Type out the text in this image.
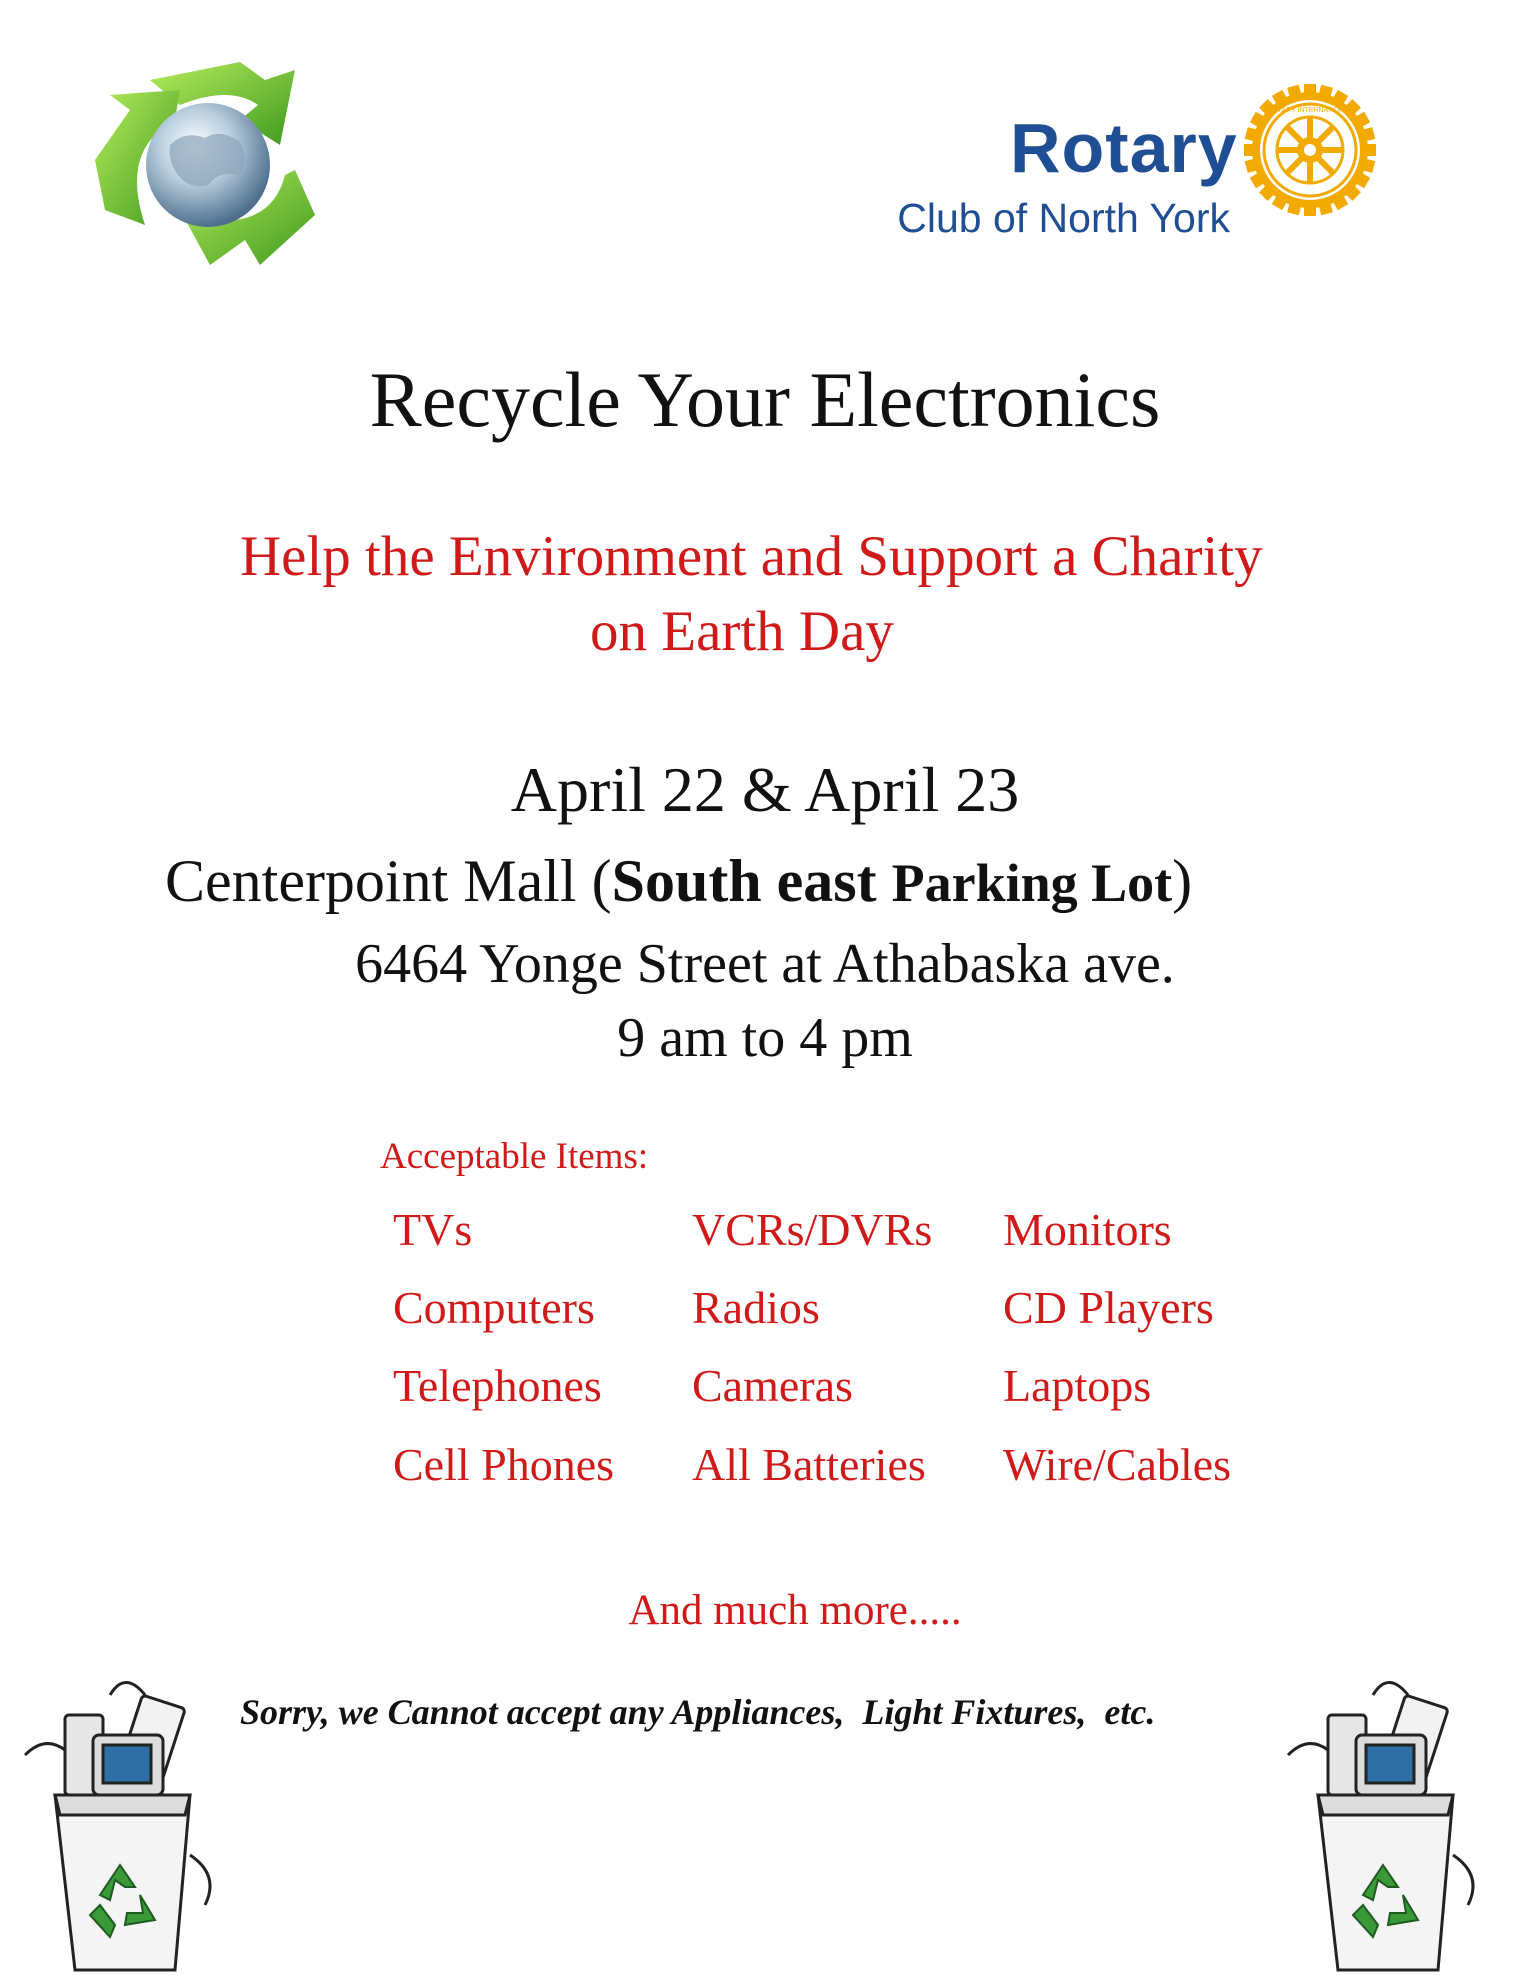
Rotary
Club of North York
ROTARY INTERNATIONAL
Recycle Your Electronics
Help the Environment and Support a Charity
on Earth Day
April 22 & April 23
Centerpoint Mall (South east Parking Lot)
6464 Yonge Street at Athabaska ave.
9 am to 4 pm
Acceptable Items:
TVs
Computers
Telephones
Cell Phones
VCRs/DVRs
Radios
Cameras
All Batteries
Monitors
CD Players
Laptops
Wire/Cables
And much more.....
Sorry, we Cannot accept any Appliances,  Light Fixtures,  etc.
